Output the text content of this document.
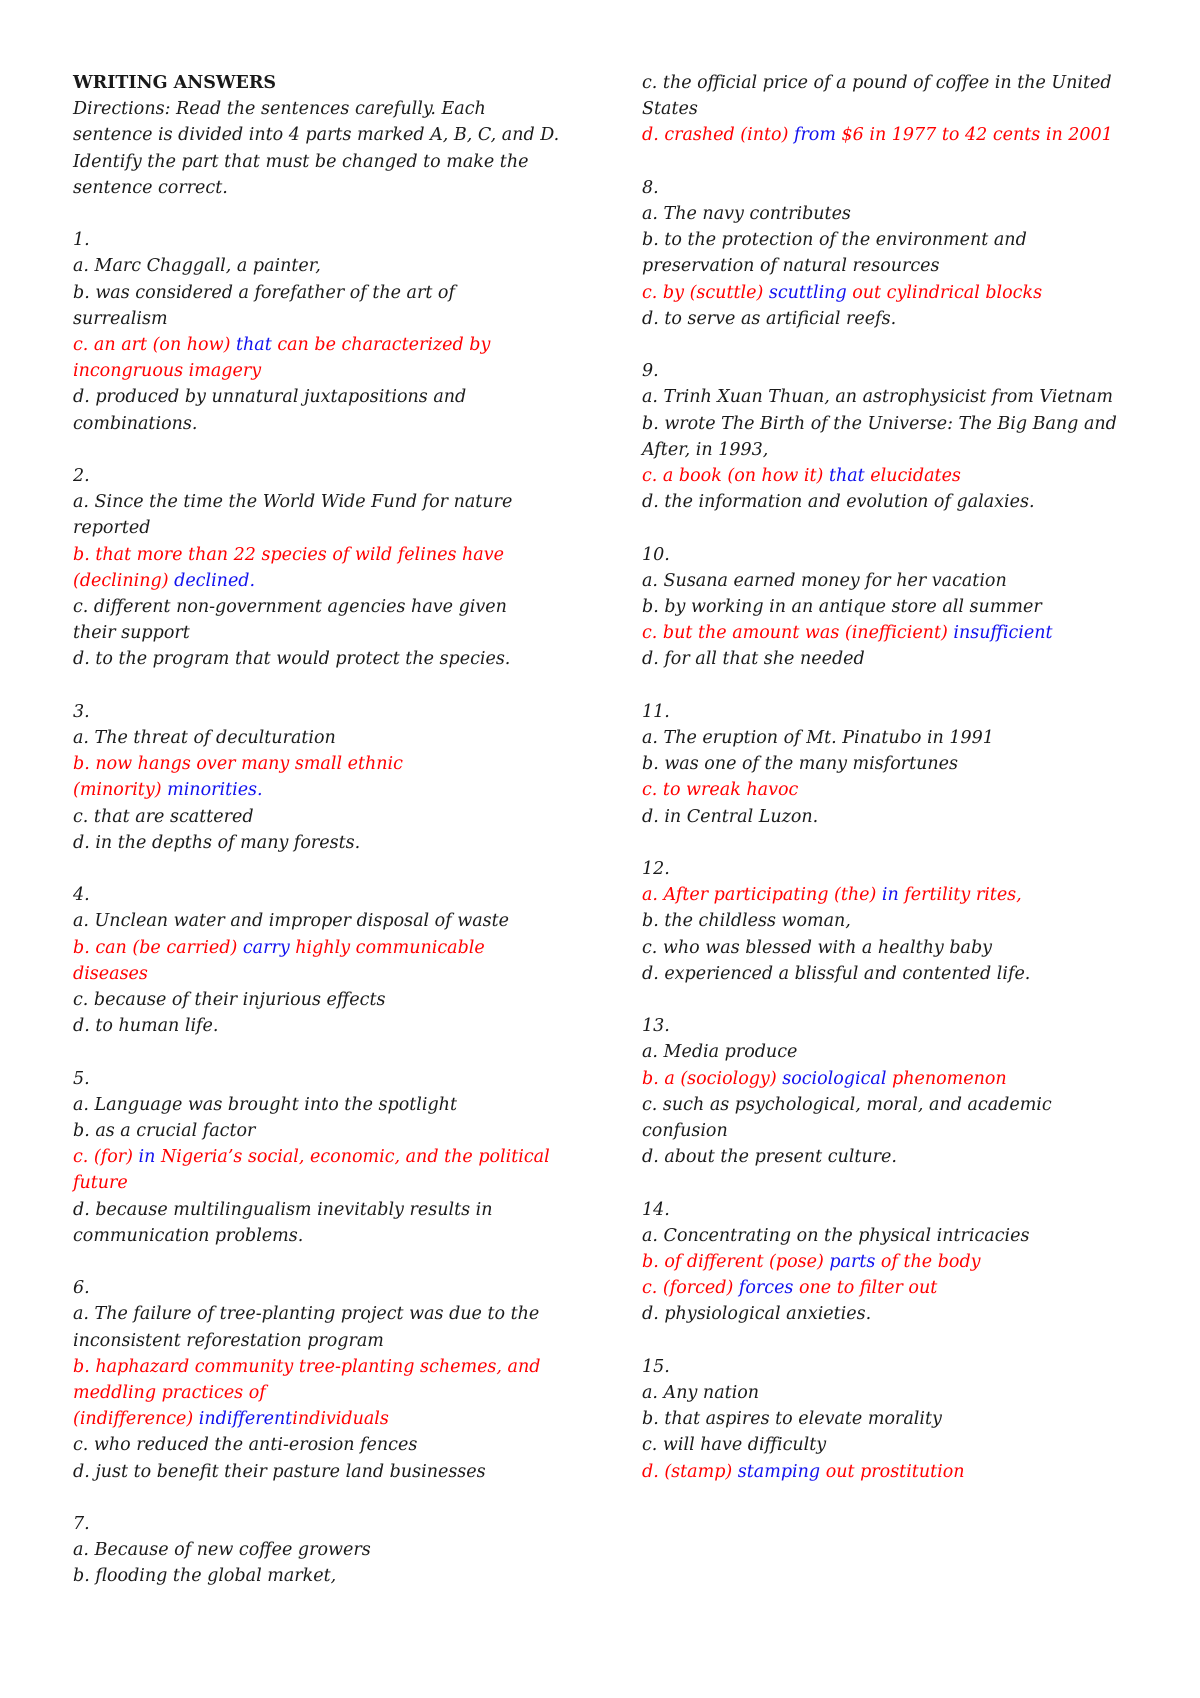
WRITING ANSWERS
Directions: Read the sentences carefully. Each
sentence is divided into 4 parts marked A, B, C, and D.
Identify the part that must be changed to make the
sentence correct.
1.
a. Marc Chaggall, a painter,
b. was considered a forefather of the art of
surrealism
c. an art (on how) that can be characterized by
incongruous imagery
d. produced by unnatural juxtapositions and
combinations.
2.
a. Since the time the World Wide Fund for nature
reported
b. that more than 22 species of wild felines have
(declining) declined.
c. different non-government agencies have given
their support
d. to the program that would protect the species.
3.
a. The threat of deculturation
b. now hangs over many small ethnic
(minority) minorities.
c. that are scattered
d. in the depths of many forests.
4.
a. Unclean water and improper disposal of waste
b. can (be carried) carry highly communicable
diseases
c. because of their injurious effects
d. to human life.
5.
a. Language was brought into the spotlight
b. as a crucial factor
c. (for) in Nigeria’s social, economic, and the political
future
d. because multilingualism inevitably results in
communication problems.
6.
a. The failure of tree-planting project was due to the
inconsistent reforestation program
b. haphazard community tree-planting schemes, and
meddling practices of
(indifference) indifferentindividuals
c. who reduced the anti-erosion fences
d. just to benefit their pasture land businesses
7.
a. Because of new coffee growers
b. flooding the global market,
c. the official price of a pound of coffee in the United
States
d. crashed (into) from $6 in 1977 to 42 cents in 2001
8.
a. The navy contributes
b. to the protection of the environment and
preservation of natural resources
c. by (scuttle) scuttling out cylindrical blocks
d. to serve as artificial reefs.
9.
a. Trinh Xuan Thuan, an astrophysicist from Vietnam
b. wrote The Birth of the Universe: The Big Bang and
After, in 1993,
c. a book (on how it) that elucidates
d. the information and evolution of galaxies.
10.
a. Susana earned money for her vacation
b. by working in an antique store all summer
c. but the amount was (inefficient) insufficient
d. for all that she needed
11.
a. The eruption of Mt. Pinatubo in 1991
b. was one of the many misfortunes
c. to wreak havoc
d. in Central Luzon.
12.
a. After participating (the) in fertility rites,
b. the childless woman,
c. who was blessed with a healthy baby
d. experienced a blissful and contented life.
13.
a. Media produce
b. a (sociology) sociological phenomenon
c. such as psychological, moral, and academic
confusion
d. about the present culture.
14.
a. Concentrating on the physical intricacies
b. of different (pose) parts of the body
c. (forced) forces one to filter out
d. physiological anxieties.
15.
a. Any nation
b. that aspires to elevate morality
c. will have difficulty
d. (stamp) stamping out prostitution
